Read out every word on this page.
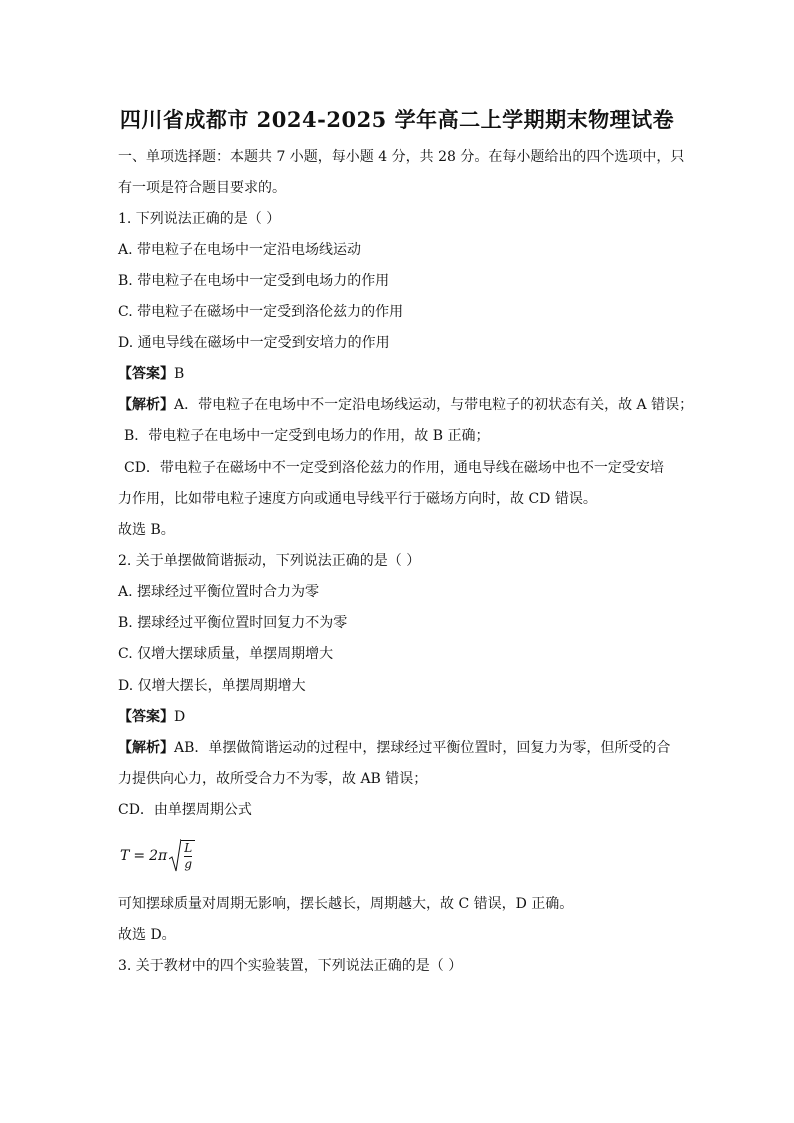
四川省成都市 2024-2025 学年高二上学期期末物理试卷
一、单项选择题：本题共 7 小题，每小题 4 分，共 28 分。在每小题给出的四个选项中，只
有一项是符合题目要求的。
1. 下列说法正确的是（ ）
A. 带电粒子在电场中一定沿电场线运动
B. 带电粒子在电场中一定受到电场力的作用
C. 带电粒子在磁场中一定受到洛伦兹力的作用
D. 通电导线在磁场中一定受到安培力的作用
【答案】B
【解析】A．带电粒子在电场中不一定沿电场线运动，与带电粒子的初状态有关，故 A 错误；
B．带电粒子在电场中一定受到电场力的作用，故 B 正确；
CD．带电粒子在磁场中不一定受到洛伦兹力的作用，通电导线在磁场中也不一定受安培
力作用，比如带电粒子速度方向或通电导线平行于磁场方向时，故 CD 错误。
故选 B。
2. 关于单摆做简谐振动，下列说法正确的是（ ）
A. 摆球经过平衡位置时合力为零
B. 摆球经过平衡位置时回复力不为零
C. 仅增大摆球质量，单摆周期增大
D. 仅增大摆长，单摆周期增大
【答案】D
【解析】AB．单摆做简谐运动的过程中，摆球经过平衡位置时，回复力为零，但所受的合
力提供向心力，故所受合力不为零，故 AB 错误；
CD．由单摆周期公式
$T = 2\pi \frac{L}{g}$
可知摆球质量对周期无影响，摆长越长，周期越大，故 C 错误，D 正确。
故选 D。
3. 关于教材中的四个实验装置，下列说法正确的是（ ）
